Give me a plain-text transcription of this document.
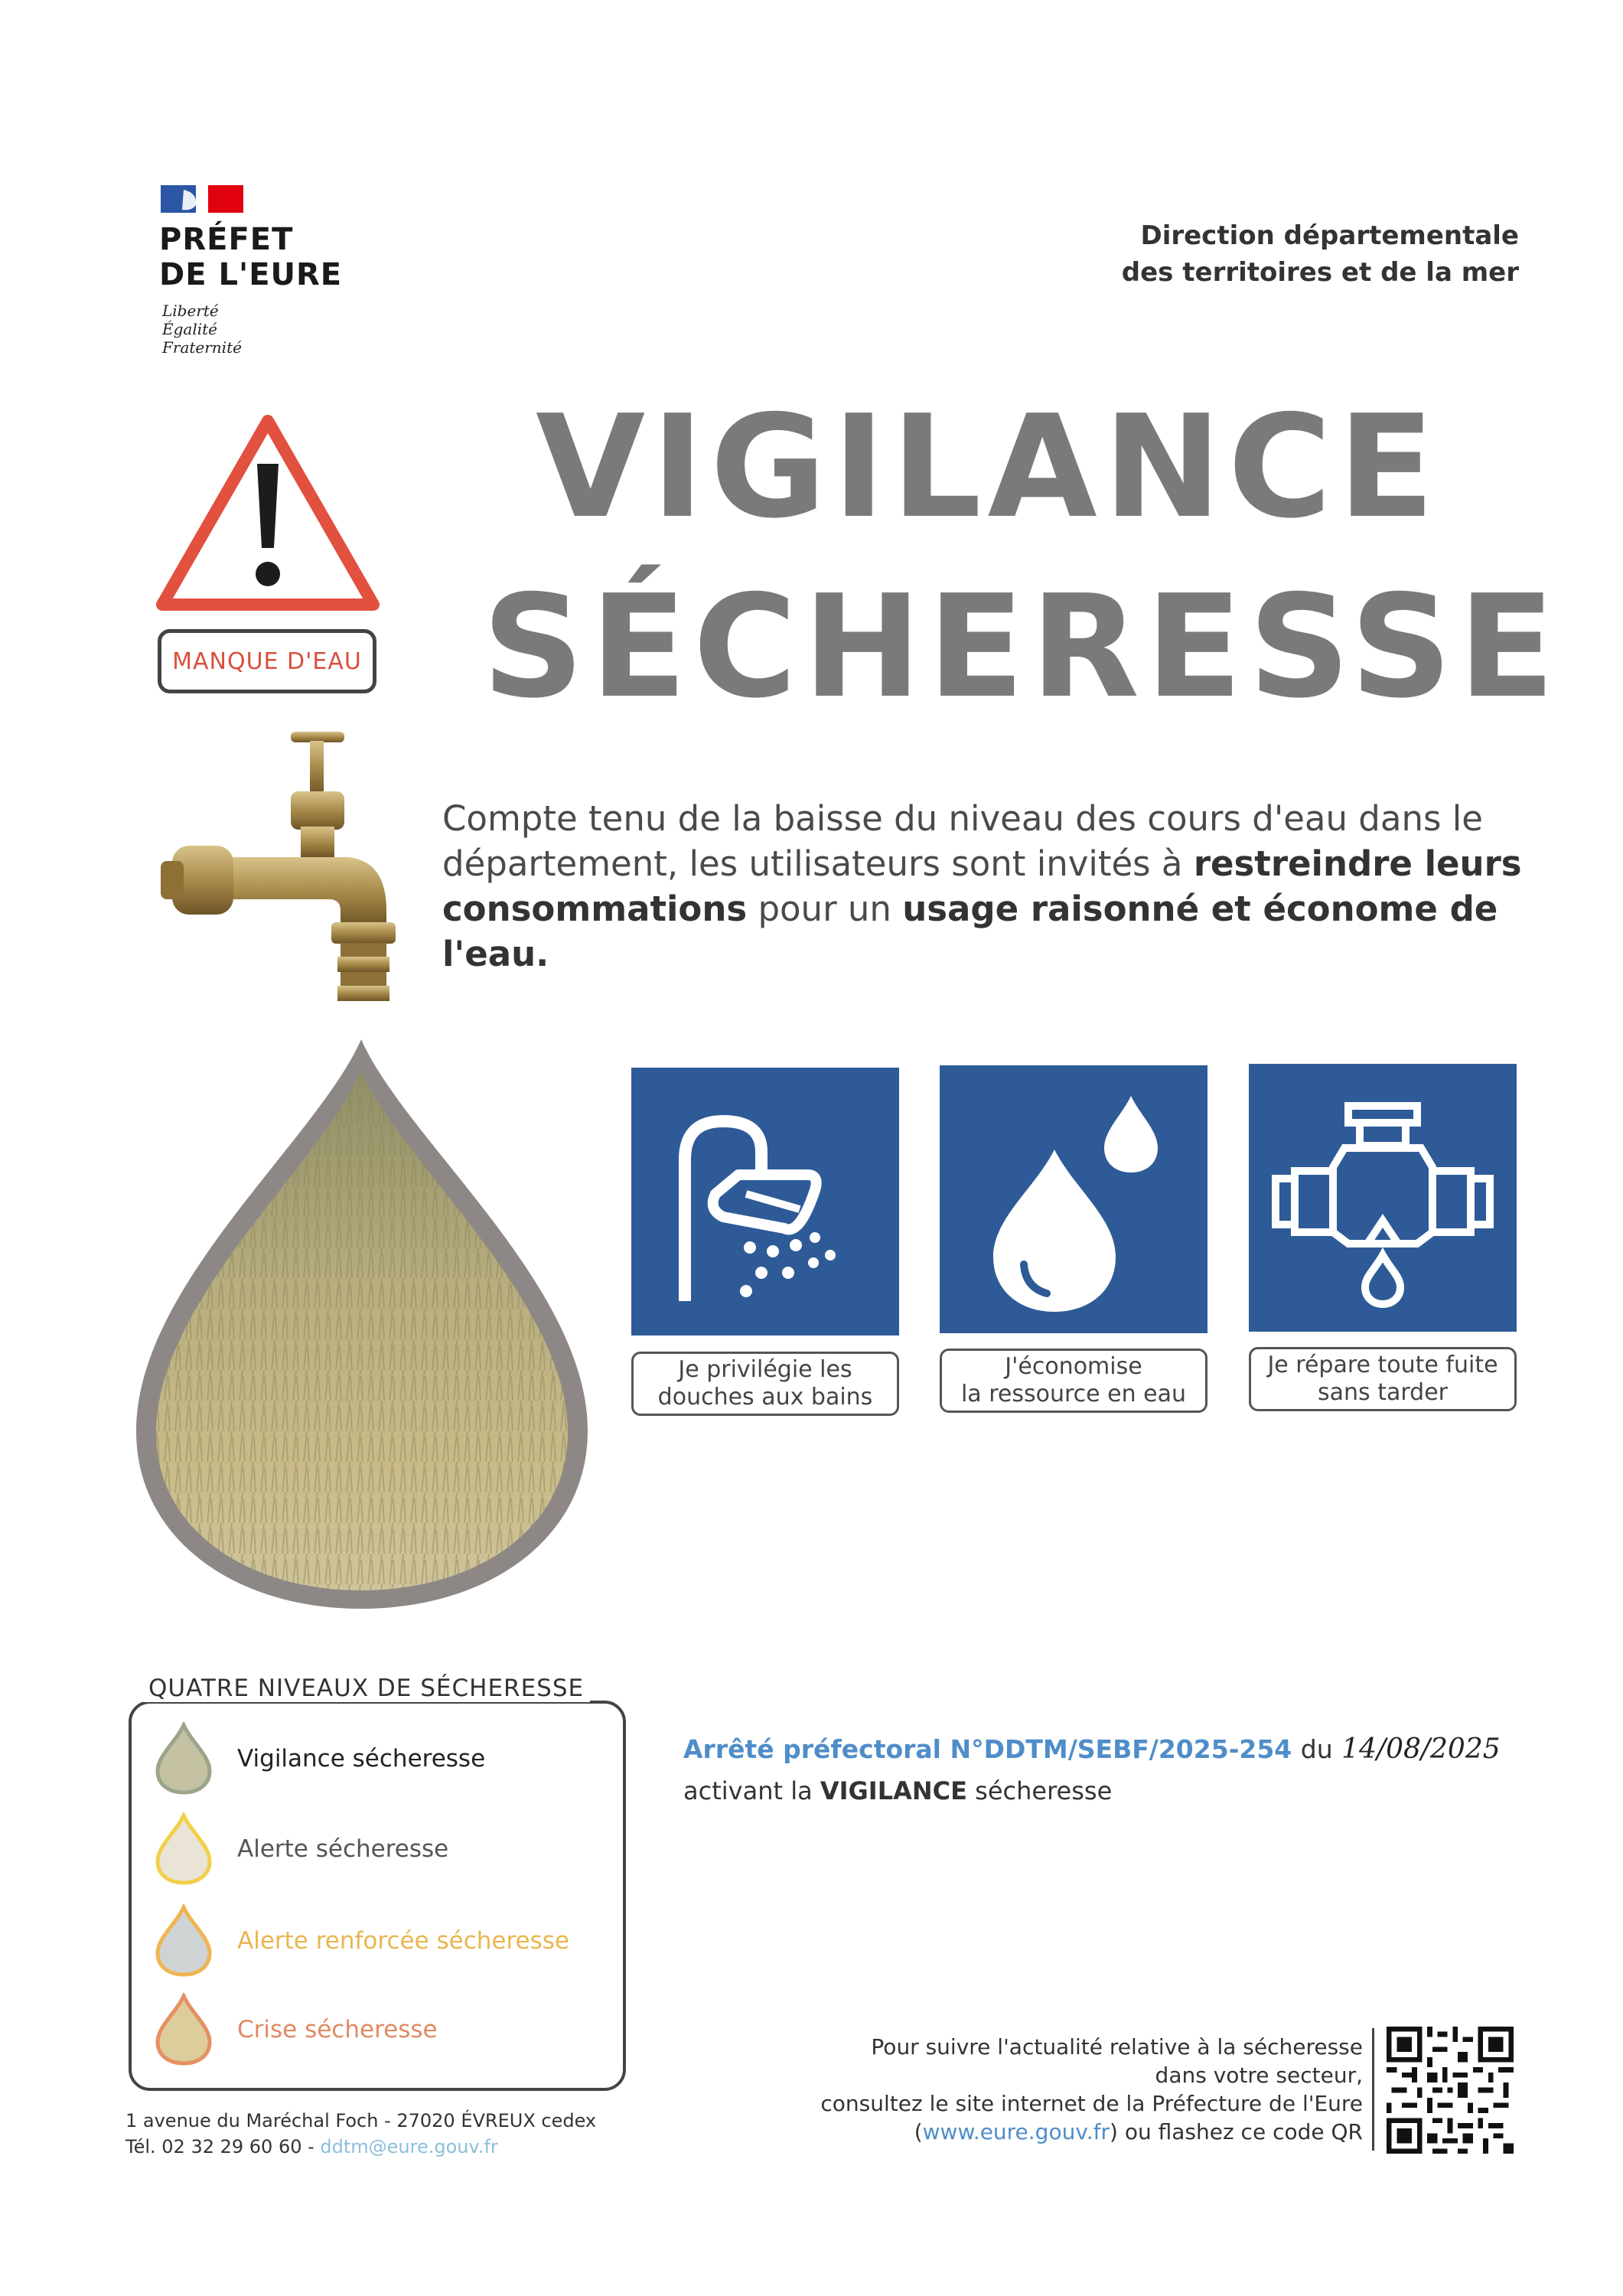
PRÉFET
DE L'EURE
Liberté
Égalité
Fraternité
Direction départementale
des territoires et de la mer
MANQUE D'EAU
VIGILANCE
SÉCHERESSE
Compte tenu de la baisse du niveau des cours d'eau dans le département, les utilisateurs sont invités à restreindre leurs consommations pour un usage raisonné et économe de l'eau.
Je privilégie les
douches aux bains
J'économise
la ressource en eau
Je répare toute fuite
sans tarder
QUATRE NIVEAUX DE SÉCHERESSE
Vigilance sécheresse
Alerte sécheresse
Alerte renforcée sécheresse
Crise sécheresse
1 avenue du Maréchal Foch - 27020 ÉVREUX cedex
Tél. 02 32 29 60 60 - ddtm@eure.gouv.fr
Arrêté préfectoral N°DDTM/SEBF/2025-254 du 14/08/2025
activant la VIGILANCE sécheresse
Pour suivre l'actualité relative à la sécheresse
dans votre secteur,
consultez le site internet de la Préfecture de l'Eure
(www.eure.gouv.fr) ou flashez ce code QR
